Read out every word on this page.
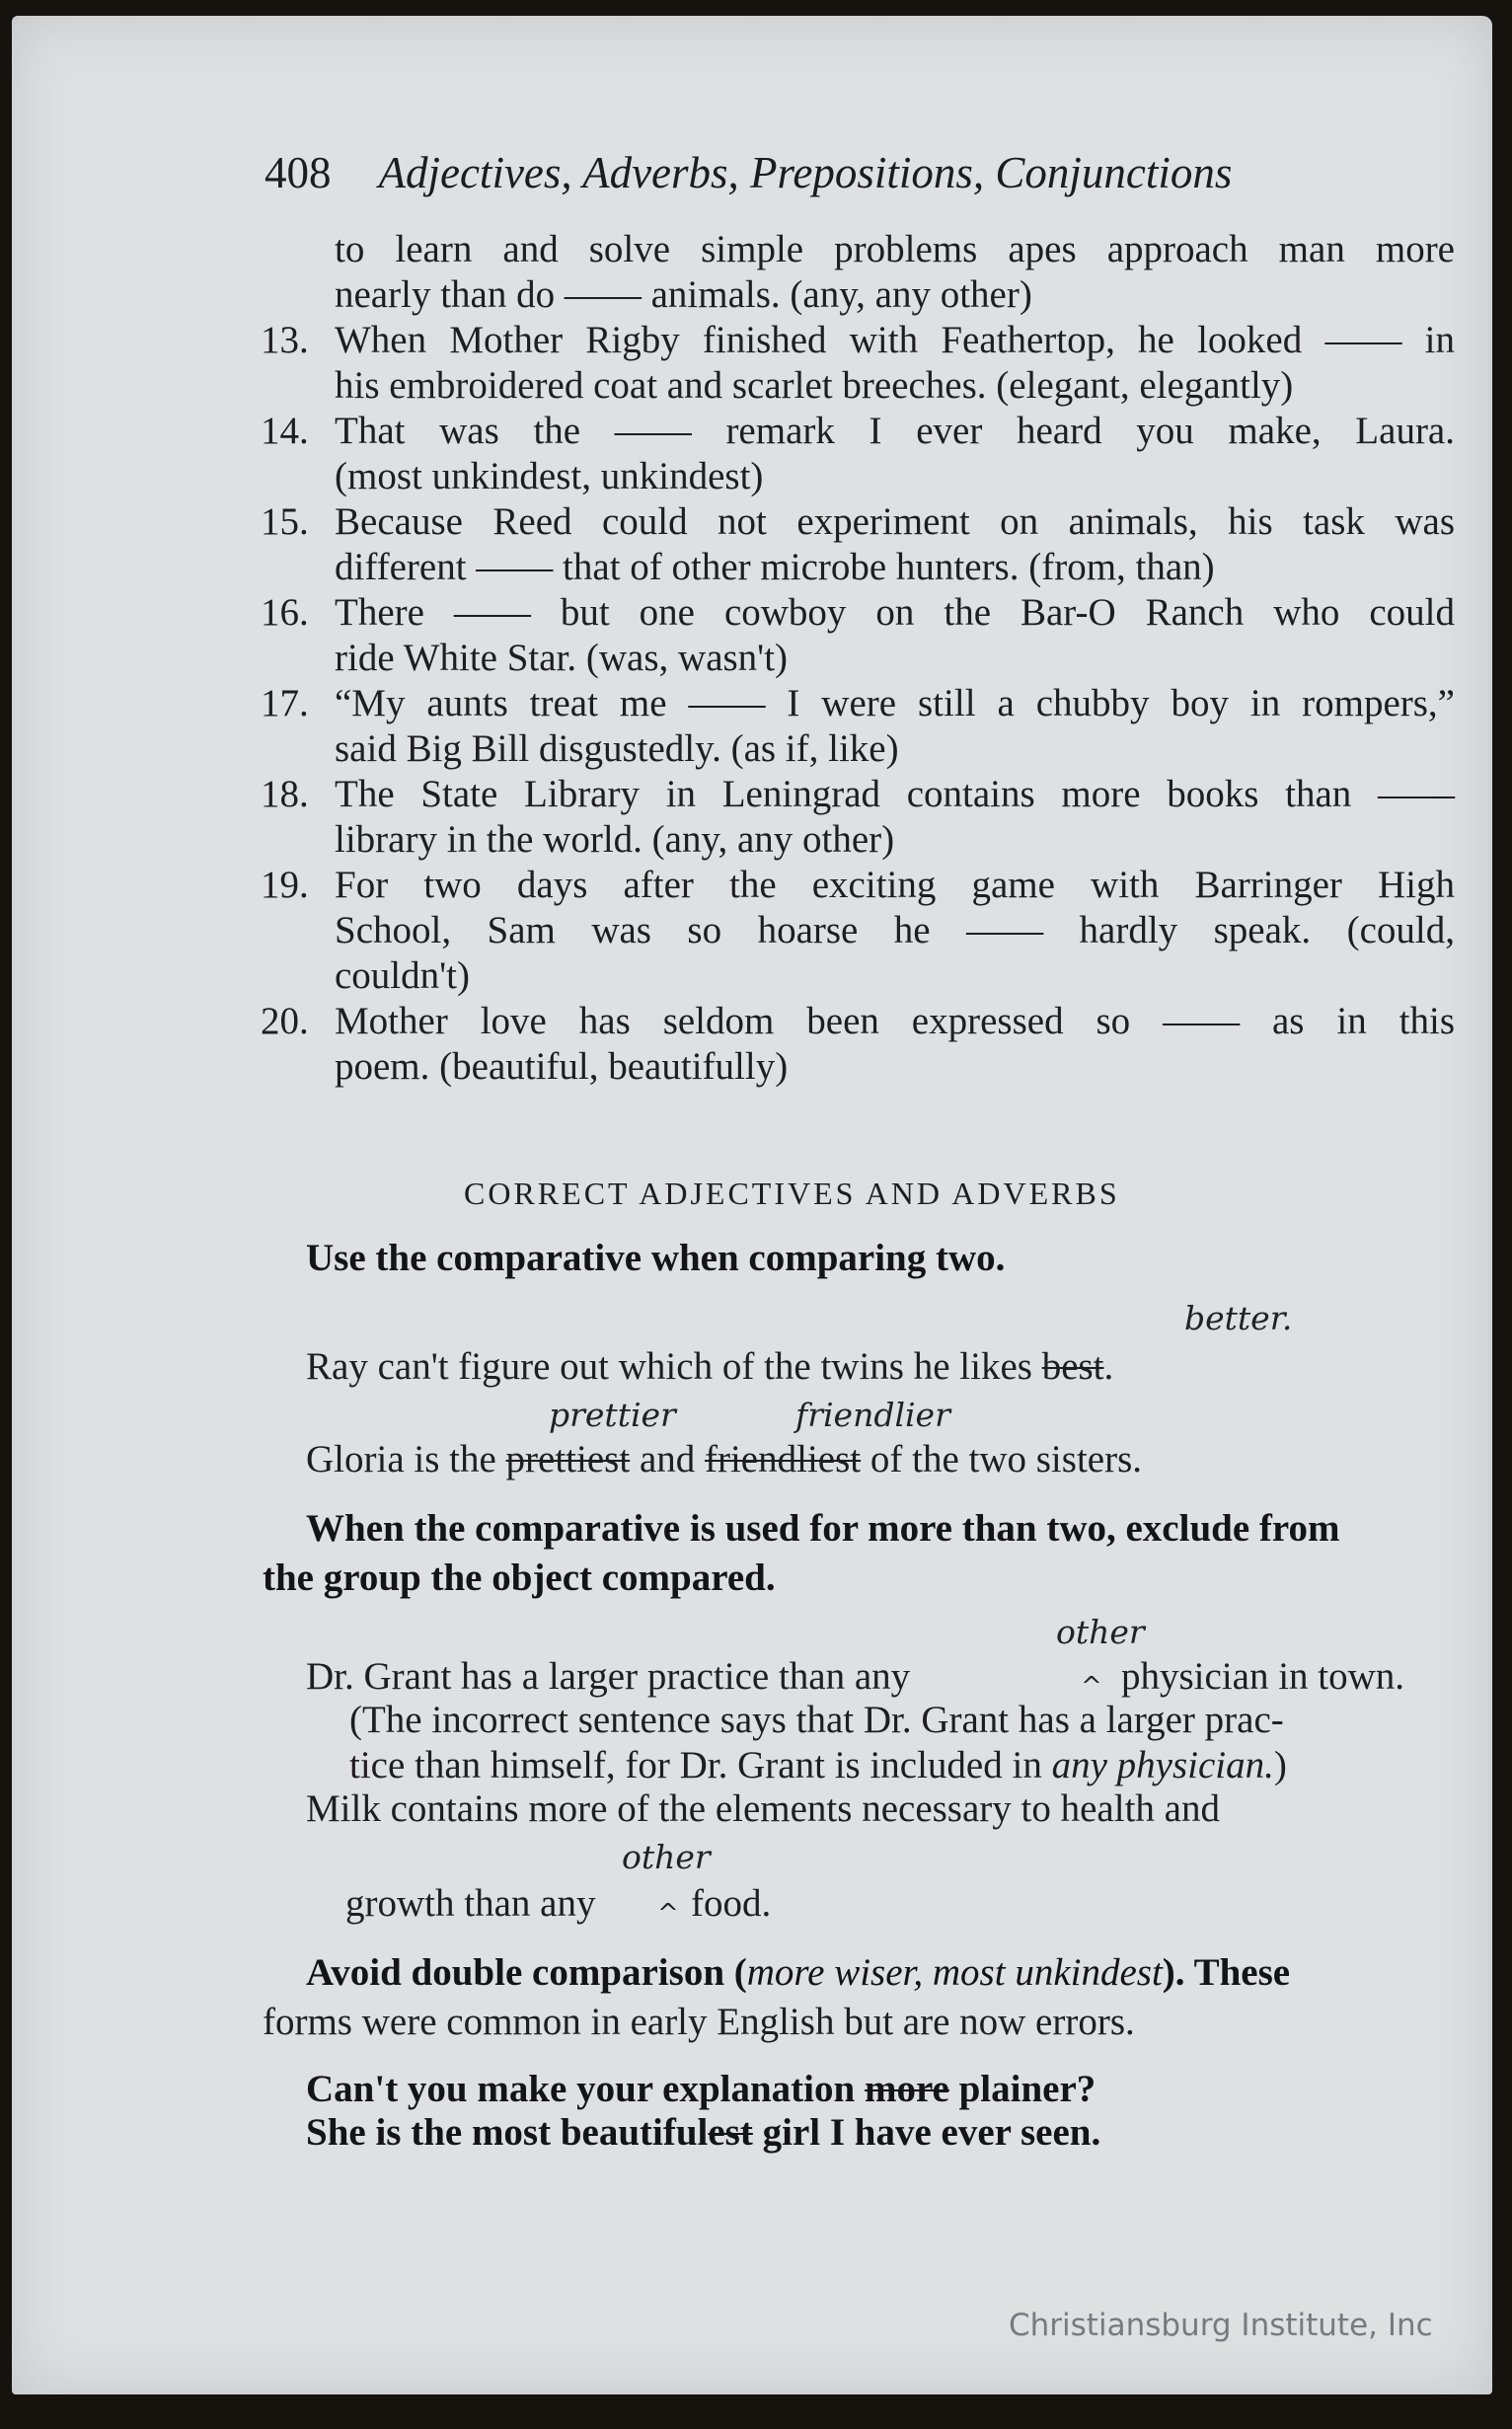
408 Adjectives, Adverbs, Prepositions, Conjunctions
to learn and solve simple problems apes approach man more
nearly than do —— animals. (any, any other)
13. When Mother Rigby finished with Feathertop, he looked —— in
his embroidered coat and scarlet breeches. (elegant, elegantly)
14. That was the —— remark I ever heard you make, Laura.
(most unkindest, unkindest)
15. Because Reed could not experiment on animals, his task was
different —— that of other microbe hunters. (from, than)
16. There —— but one cowboy on the Bar-O Ranch who could
ride White Star. (was, wasn't)
17. “My aunts treat me —— I were still a chubby boy in rompers,”
said Big Bill disgustedly. (as if, like)
18. The State Library in Leningrad contains more books than ——
library in the world. (any, any other)
19. For two days after the exciting game with Barringer High
School, Sam was so hoarse he —— hardly speak. (could,
couldn't)
20. Mother love has seldom been expressed so —— as in this
poem. (beautiful, beautifully)
CORRECT ADJECTIVES AND ADVERBS
Use the comparative when comparing two.
better.
Ray can't figure out which of the twins he likes best.
prettier	friendlier
Gloria is the prettiest and friendliest of the two sisters.
When the comparative is used for more than two, exclude from
the group the object compared.
other
Dr. Grant has a larger practice than any	^ physician in town.
(The incorrect sentence says that Dr. Grant has a larger prac-
tice than himself, for Dr. Grant is included in any physician.)
Milk contains more of the elements necessary to health and
other
growth than any ^ food.
Avoid double comparison (more wiser, most unkindest). These
forms were common in early English but are now errors.
Can't you make your explanation more plainer?
She is the most beautifulest girl I have ever seen.
Christiansburg Institute, Inc
